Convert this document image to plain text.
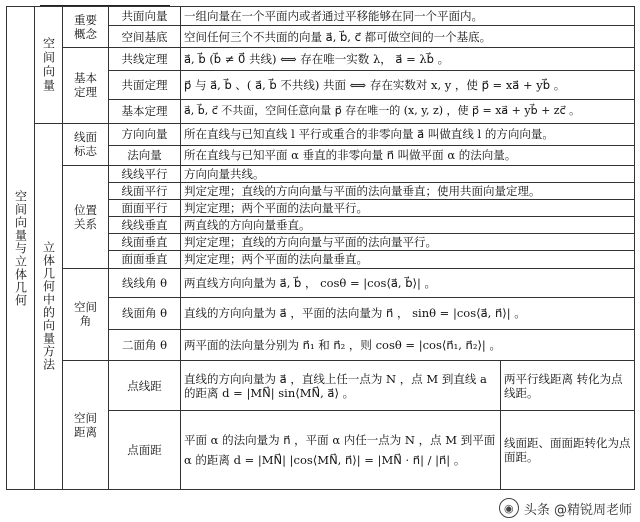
空间向量与立体几何	空间向量	重要概念	共面向量	一组向量在一个平面内或者通过平移能够在同一个平面内。	
			空间基底	空间任何三个不共面的向量 a⃗, b⃗, c⃗ 都可做空间的一个基底。	

		基本定理	共线定理	a⃗, b⃗ (b⃗ ≠ 0⃗ 共线) ⟺ 存在唯一实数 λ， a⃗ = λb⃗ 。	
			共面定理	p⃗ 与 a⃗, b⃗ 、( a⃗, b⃗ 不共线) 共面 ⟺ 存在实数对 x, y ，使 p⃗ = xa⃗ + yb⃗ 。	
			基本定理	a⃗, b⃗, c⃗ 不共面，空间任意向量 p⃗ 存在唯一的 (x, y, z) ，使 p⃗ = xa⃗ + yb⃗ + zc⃗ 。	

	立体几何中的向量方法	线面标志	方向向量	所在直线与已知直线 l 平行或重合的非零向量 a⃗ 叫做直线 l 的方向向量。	
			法向量	所在直线与已知平面 α 垂直的非零向量 n⃗ 叫做平面 α 的法向量。	

		位置关系	线线平行	方向向量共线。	
			线面平行	判定定理；直线的方向向量与平面的法向量垂直；使用共面向量定理。	
			面面平行	判定定理；两个平面的法向量平行。	
			线线垂直	两直线的方向向量垂直。	
			线面垂直	判定定理；直线的方向向量与平面的法向量平行。	
			面面垂直	判定定理；两个平面的法向量垂直。	

		空间角	线线角 θ	两直线方向向量为 a⃗, b⃗ ， cosθ = |cos⟨a⃗, b⃗⟩| 。	
			线面角 θ	直线的方向向量为 a⃗ ，平面的法向量为 n⃗ ， sinθ = |cos⟨a⃗, n⃗⟩| 。	
			二面角 θ	两平面的法向量分别为 n⃗₁ 和 n⃗₂ ，则 cosθ = |cos⟨n⃗₁, n⃗₂⟩| 。	

		空间距离	点线距	直线的方向向量为 a⃗ ，直线上任一点为 N ，点 M 到直线 a 的距离 d = |MN⃗| sin⟨MN⃗, a⃗⟩ 。	两平行线距离 转化为点线距。
			点面距	平面 α 的法向量为 n⃗ ，平面 α 内任一点为 N ，点 M 到平面 α 的距离 d = |MN⃗| |cos⟨MN⃗, n⃗⟩| = |MN⃗ · n⃗| / |n⃗| 。	线面距、面面距转化为点面距。
◉ 头条 @精锐周老师
